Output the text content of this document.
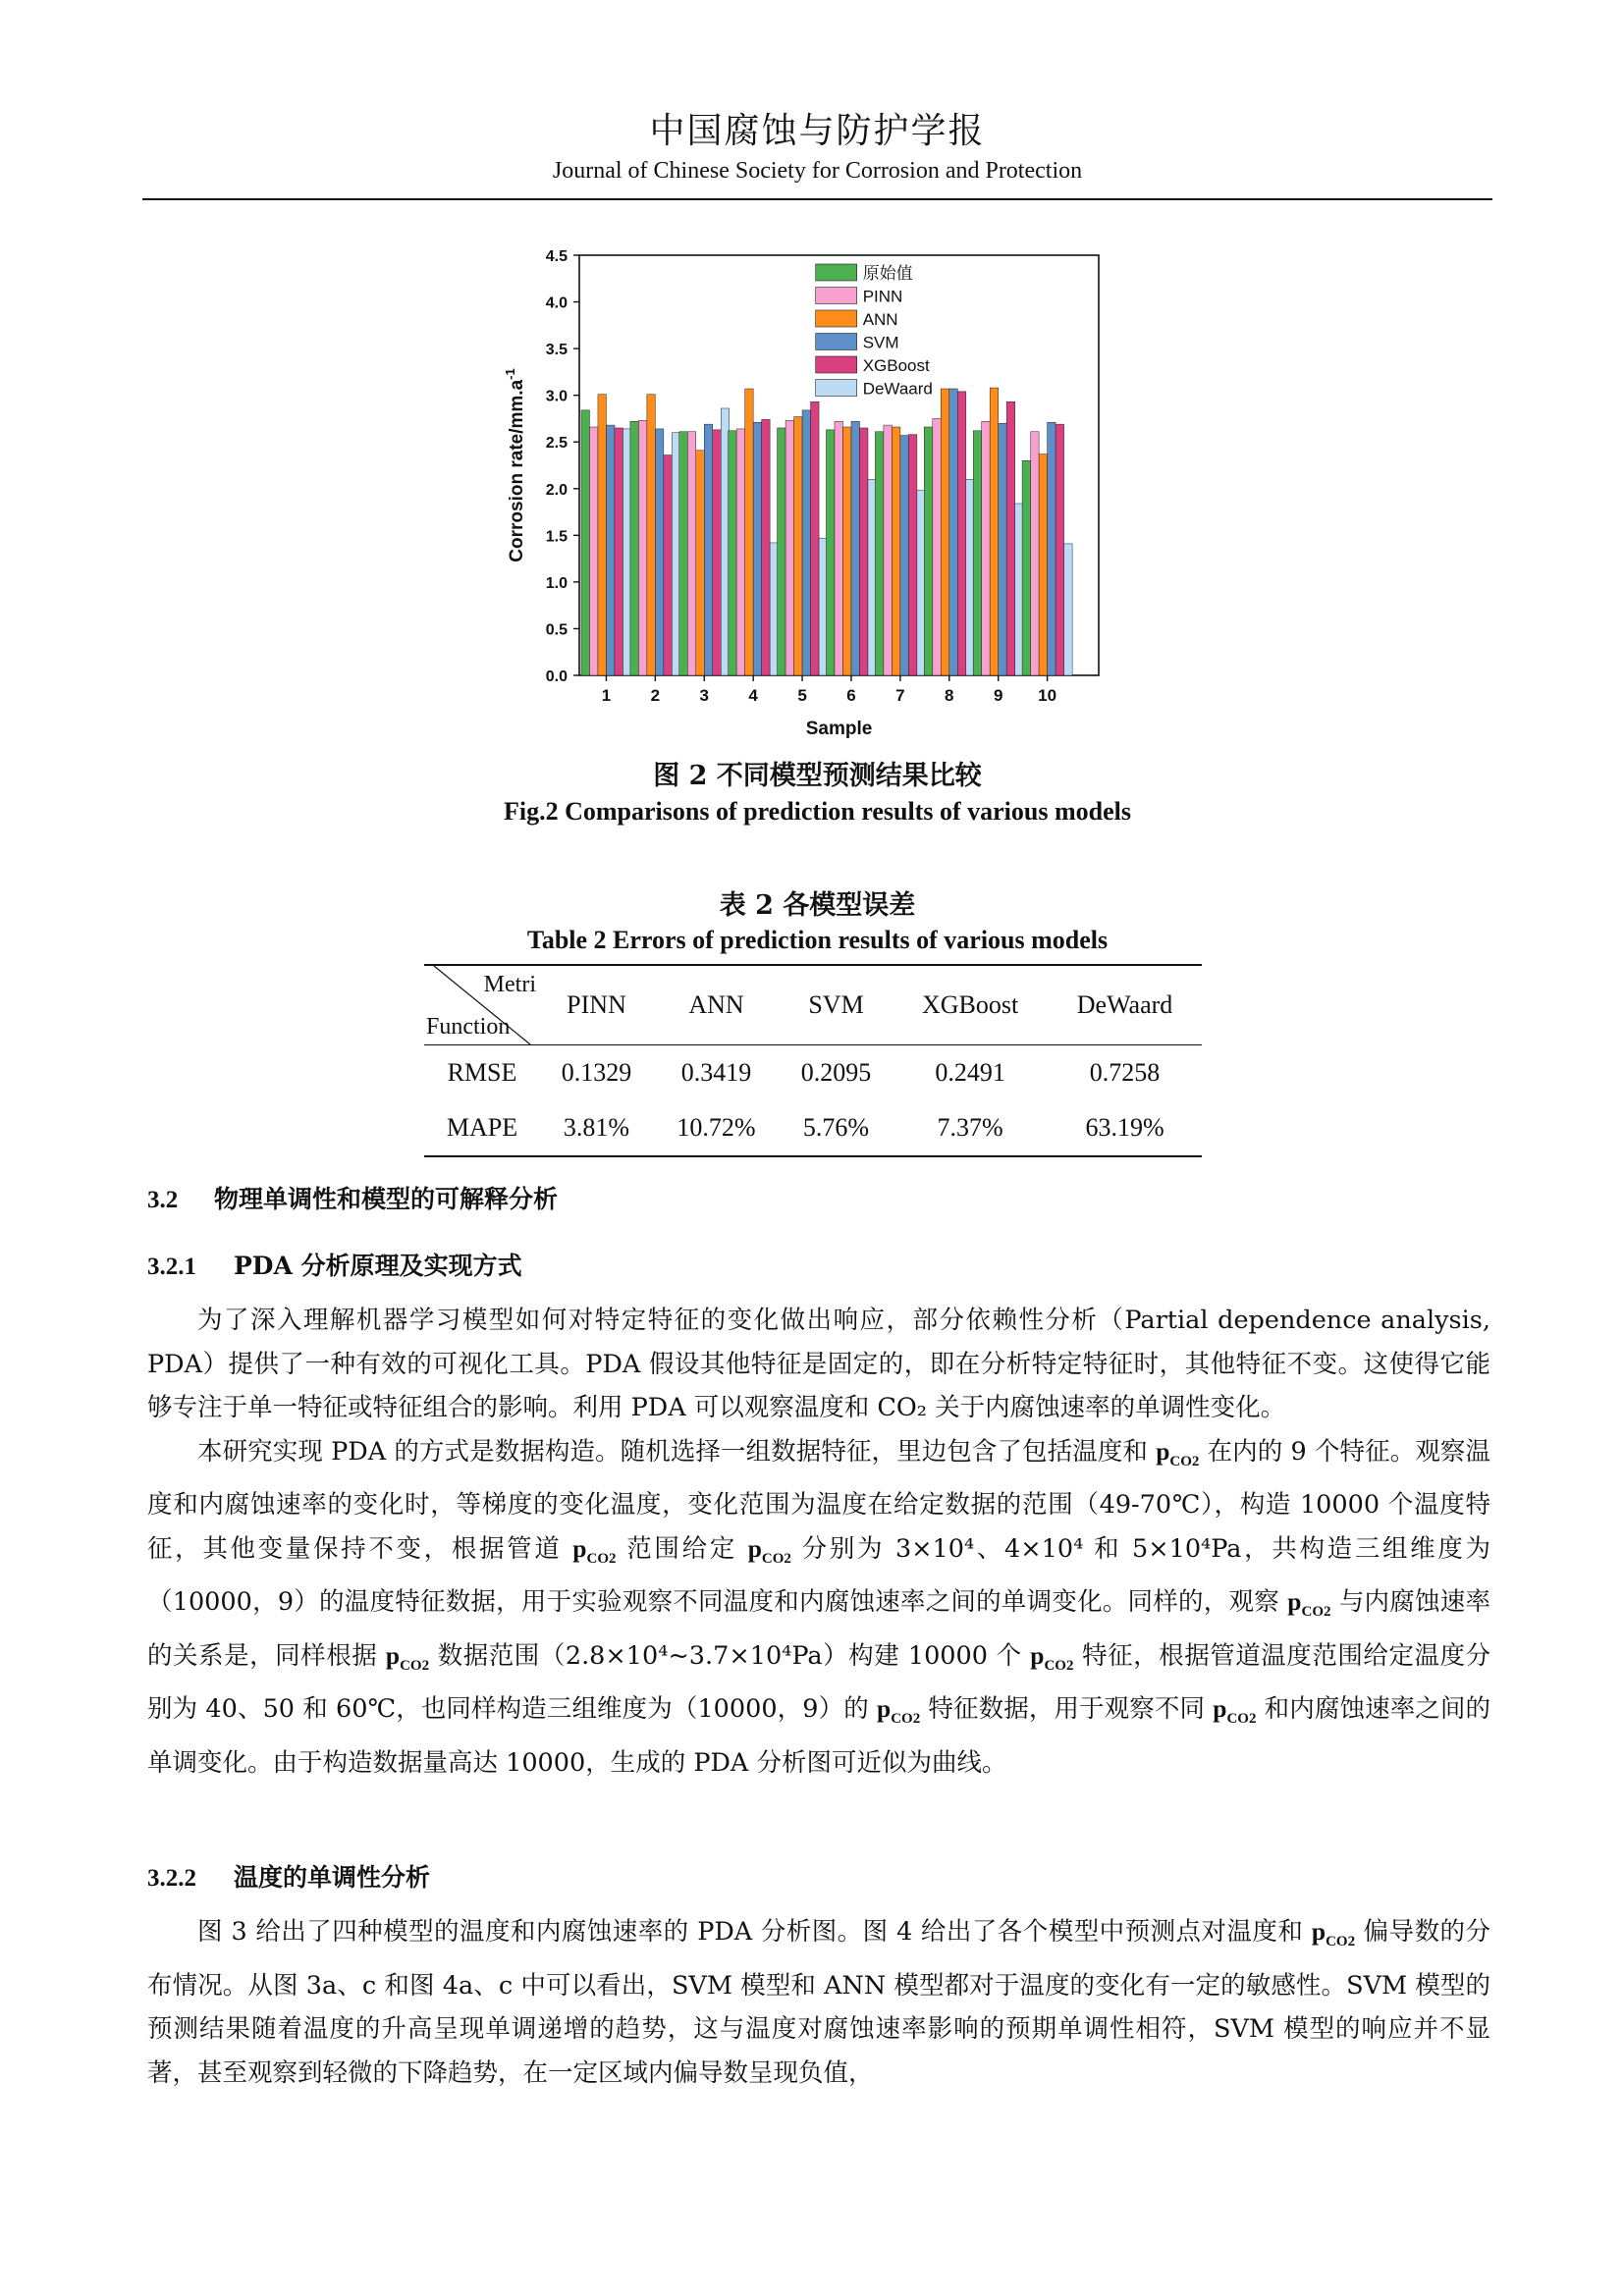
中国腐蚀与防护学报
Journal of Chinese Society for Corrosion and Protection
1 2 3 4 5 6 7 8 9 10
0.0
0.5
1.0
1.5
2.0
2.5
3.0
3.5
4.0
4.5
Sample
Corrosion rate/$mm.a^{-1}$
原始值
PINN
ANN
SVM
XGBoost
DeWaard
图 2 不同模型预测结果比较
Fig.2 Comparisons of prediction results of various models
表 2 各模型误差
Table 2 Errors of prediction results of various models
Metri
Function	PINN	ANN	SVM	XGBoost	DeWaard
RMSE	0.1329	0.3419	0.2095	0.2491	0.7258
MAPE	3.81%	10.72%	5.76%	7.37%	63.19%
3.2 物理单调性和模型的可解释分析
3.2.1 PDA 分析原理及实现方式

为了深入理解机器学习模型如何对特定特征的变化做出响应，部分依赖性分析（Partial dependence analysis, PDA）提供了一种有效的可视化工具。PDA 假设其他特征是固定的，即在分析特定特征时，其他特征不变。这使得它能够专注于单一特征或特征组合的影响。利用 PDA 可以观察温度和 CO₂ 关于内腐蚀速率的单调性变化。

本研究实现 PDA 的方式是数据构造。随机选择一组数据特征，里边包含了包括温度和 $p_{CO2}$ 在内的 9 个特征。观察温度和内腐蚀速率的变化时，等梯度的变化温度，变化范围为温度在给定数据的范围（49-70℃），构造 10000 个温度特征，其他变量保持不变，根据管道 $p_{CO2}$ 范围给定 $p_{CO2}$ 分别为 3×10⁴、4×10⁴ 和 5×10⁴Pa，共构造三组维度为（10000，9）的温度特征数据，用于实验观察不同温度和内腐蚀速率之间的单调变化。同样的，观察 $p_{CO2}$ 与内腐蚀速率的关系是，同样根据 $p_{CO2}$ 数据范围（2.8×10⁴~3.7×10⁴Pa）构建 10000 个 $p_{CO2}$ 特征，根据管道温度范围给定温度分别为 40、50 和 60℃，也同样构造三组维度为（10000，9）的 $p_{CO2}$ 特征数据，用于观察不同 $p_{CO2}$ 和内腐蚀速率之间的单调变化。由于构造数据量高达 10000，生成的 PDA 分析图可近似为曲线。

3.2.2 温度的单调性分析

图 3 给出了四种模型的温度和内腐蚀速率的 PDA 分析图。图 4 给出了各个模型中预测点对温度和 $p_{CO2}$ 偏导数的分布情况。从图 3a、c 和图 4a、c 中可以看出，SVM 模型和 ANN 模型都对于温度的变化有一定的敏感性。SVM 模型的预测结果随着温度的升高呈现单调递增的趋势，这与温度对腐蚀速率影响的预期单调性相符，SVM 模型的响应并不显著，甚至观察到轻微的下降趋势，在一定区域内偏导数呈现负值，
